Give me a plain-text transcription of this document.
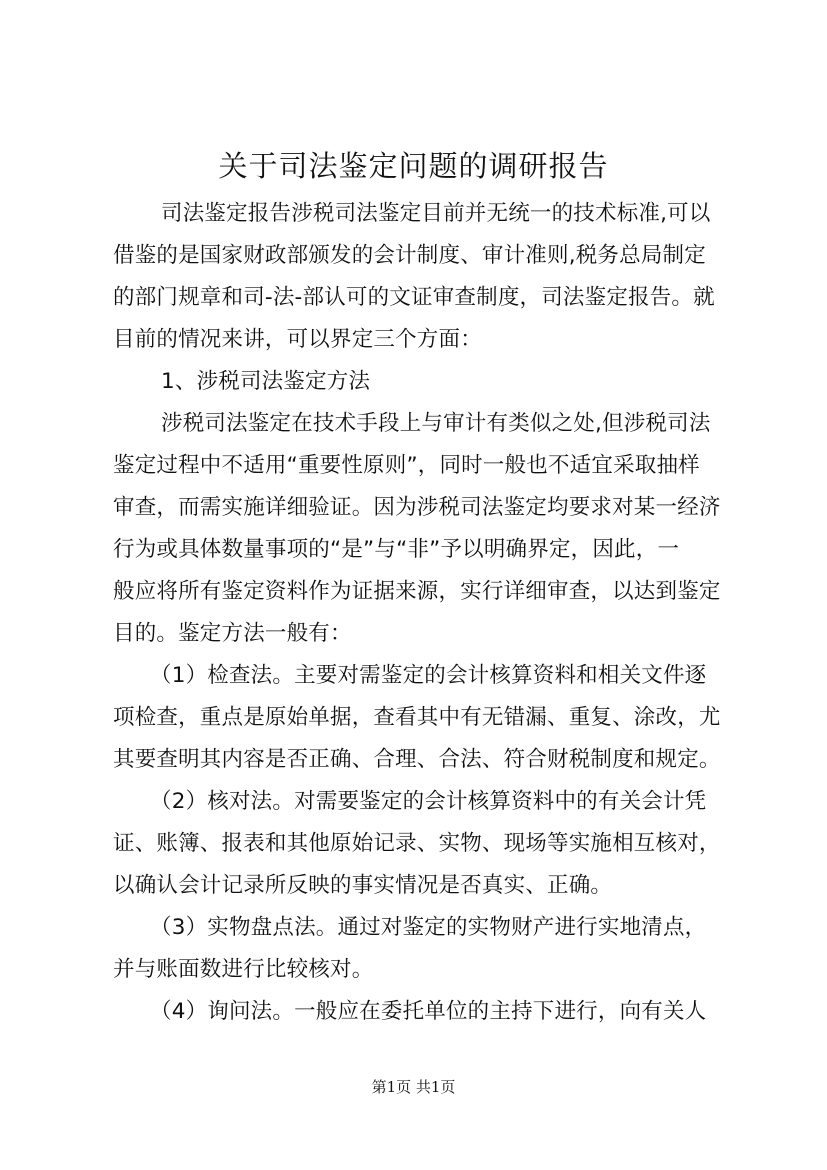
关于司法鉴定问题的调研报告
司法鉴定报告涉税司法鉴定目前并无统一的技术标准,可以
借鉴的是国家财政部颁发的会计制度、审计准则,税务总局制定
的部门规章和司-法-部认可的文证审查制度，司法鉴定报告。就
目前的情况来讲，可以界定三个方面：
1、涉税司法鉴定方法
涉税司法鉴定在技术手段上与审计有类似之处,但涉税司法
鉴定过程中不适用“重要性原则”，同时一般也不适宜采取抽样
审查，而需实施详细验证。因为涉税司法鉴定均要求对某一经济
行为或具体数量事项的“是”与“非”予以明确界定，因此，一
般应将所有鉴定资料作为证据来源，实行详细审查，以达到鉴定
目的。鉴定方法一般有：
（1）检查法。主要对需鉴定的会计核算资料和相关文件逐
项检查，重点是原始单据，查看其中有无错漏、重复、涂改，尤
其要查明其内容是否正确、合理、合法、符合财税制度和规定。
（2）核对法。对需要鉴定的会计核算资料中的有关会计凭
证、账簿、报表和其他原始记录、实物、现场等实施相互核对，
以确认会计记录所反映的事实情况是否真实、正确。
（3）实物盘点法。通过对鉴定的实物财产进行实地清点，
并与账面数进行比较核对。
（4）询问法。一般应在委托单位的主持下进行，向有关人
第1页 共1页
